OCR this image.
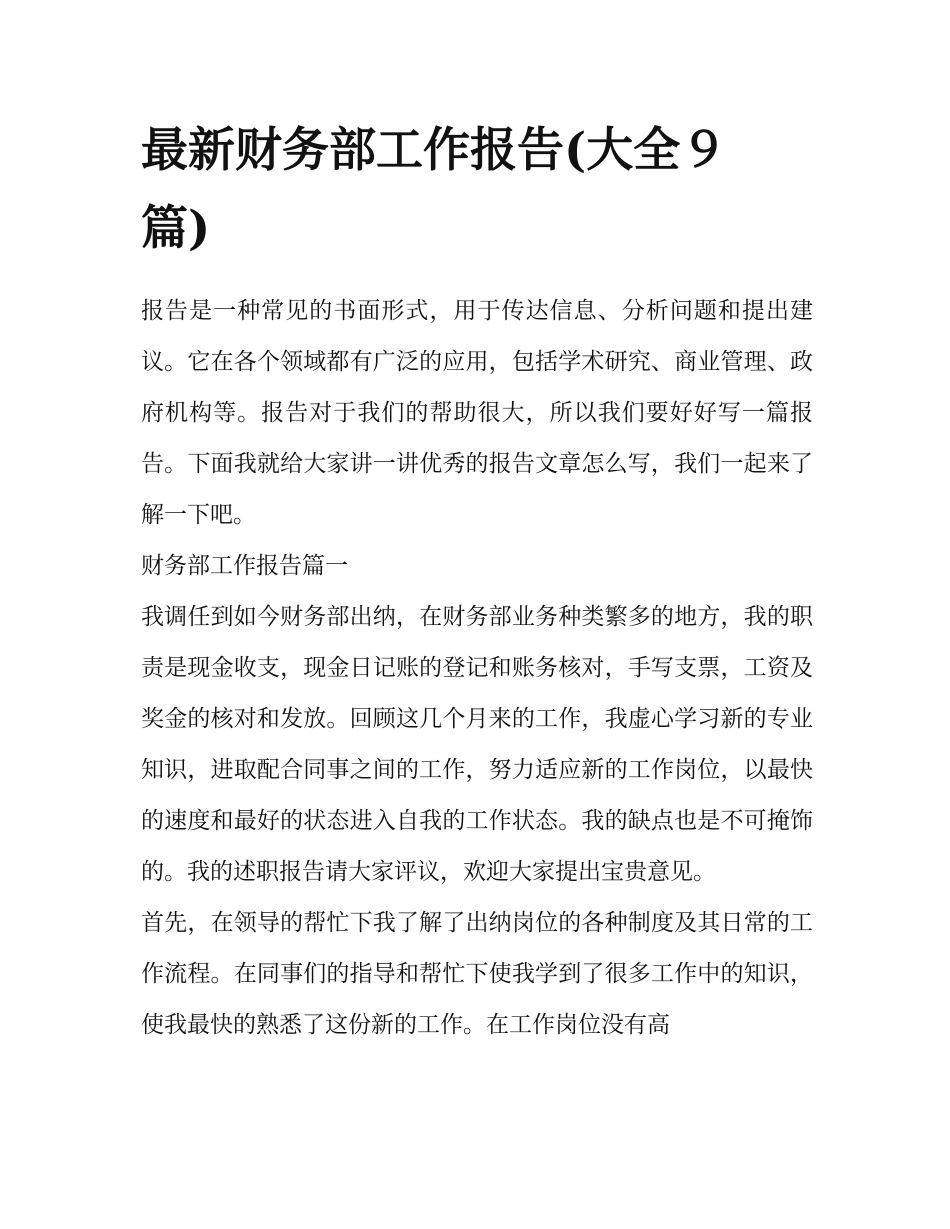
最新财务部工作报告(大全９篇)

报告是一种常见的书面形式，用于传达信息、分析问题和提出建议。它在各个领域都有广泛的应用，包括学术研究、商业管理、政府机构等。报告对于我们的帮助很大，所以我们要好好写一篇报告。下面我就给大家讲一讲优秀的报告文章怎么写，我们一起来了解一下吧。

财务部工作报告篇一

我调任到如今财务部出纳，在财务部业务种类繁多的地方，我的职责是现金收支，现金日记账的登记和账务核对，手写支票，工资及奖金的核对和发放。回顾这几个月来的工作，我虚心学习新的专业知识，进取配合同事之间的工作，努力适应新的工作岗位，以最快的速度和最好的状态进入自我的工作状态。我的缺点也是不可掩饰的。我的述职报告请大家评议，欢迎大家提出宝贵意见。

首先，在领导的帮忙下我了解了出纳岗位的各种制度及其日常的工作流程。在同事们的指导和帮忙下使我学到了很多工作中的知识，使我最快的熟悉了这份新的工作。在工作岗位没有高
